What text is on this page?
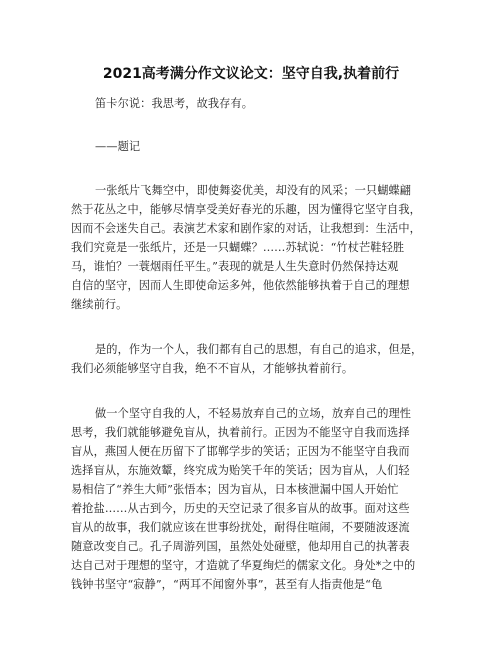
2021高考满分作文议论文：坚守自我,执着前行
笛卡尔说：我思考，故我存有。
——题记
一张纸片飞舞空中，即使舞姿优美，却没有的风采；一只蝴蝶翩
然于花丛之中，能够尽情享受美好春光的乐趣，因为懂得它坚守自我，
因而不会迷失自己。表演艺术家和剧作家的对话，让我想到：生活中，
我们究竟是一张纸片，还是一只蝴蝶？……苏轼说：“竹杖芒鞋轻胜
马，谁怕？一蓑烟雨任平生。”表现的就是人生失意时仍然保持达观
自信的坚守，因而人生即使命运多舛，他依然能够执着于自己的理想
继续前行。
是的，作为一个人，我们都有自己的思想，有自己的追求，但是，
我们必须能够坚守自我，绝不不盲从，才能够执着前行。
做一个坚守自我的人，不轻易放弃自己的立场，放弃自己的理性
思考，我们就能够避免盲从，执着前行。正因为不能坚守自我而选择
盲从，燕国人便在历留下了邯郸学步的笑话；正因为不能坚守自我而
选择盲从，东施效颦，终究成为贻笑千年的笑话；因为盲从，人们轻
易相信了“养生大师”张悟本；因为盲从，日本核泄漏中国人开始忙
着抢盐……从古到今，历史的天空记录了很多盲从的故事。面对这些
盲从的故事，我们就应该在世事纷扰处，耐得住喧闹，不要随波逐流
随意改变自己。孔子周游列国，虽然处处碰壁，他却用自己的执著表
达自己对于理想的坚守，才造就了华夏绚烂的儒家文化。身处*之中的
钱钟书坚守“寂静”，“两耳不闻窗外事”，甚至有人指责他是“龟
